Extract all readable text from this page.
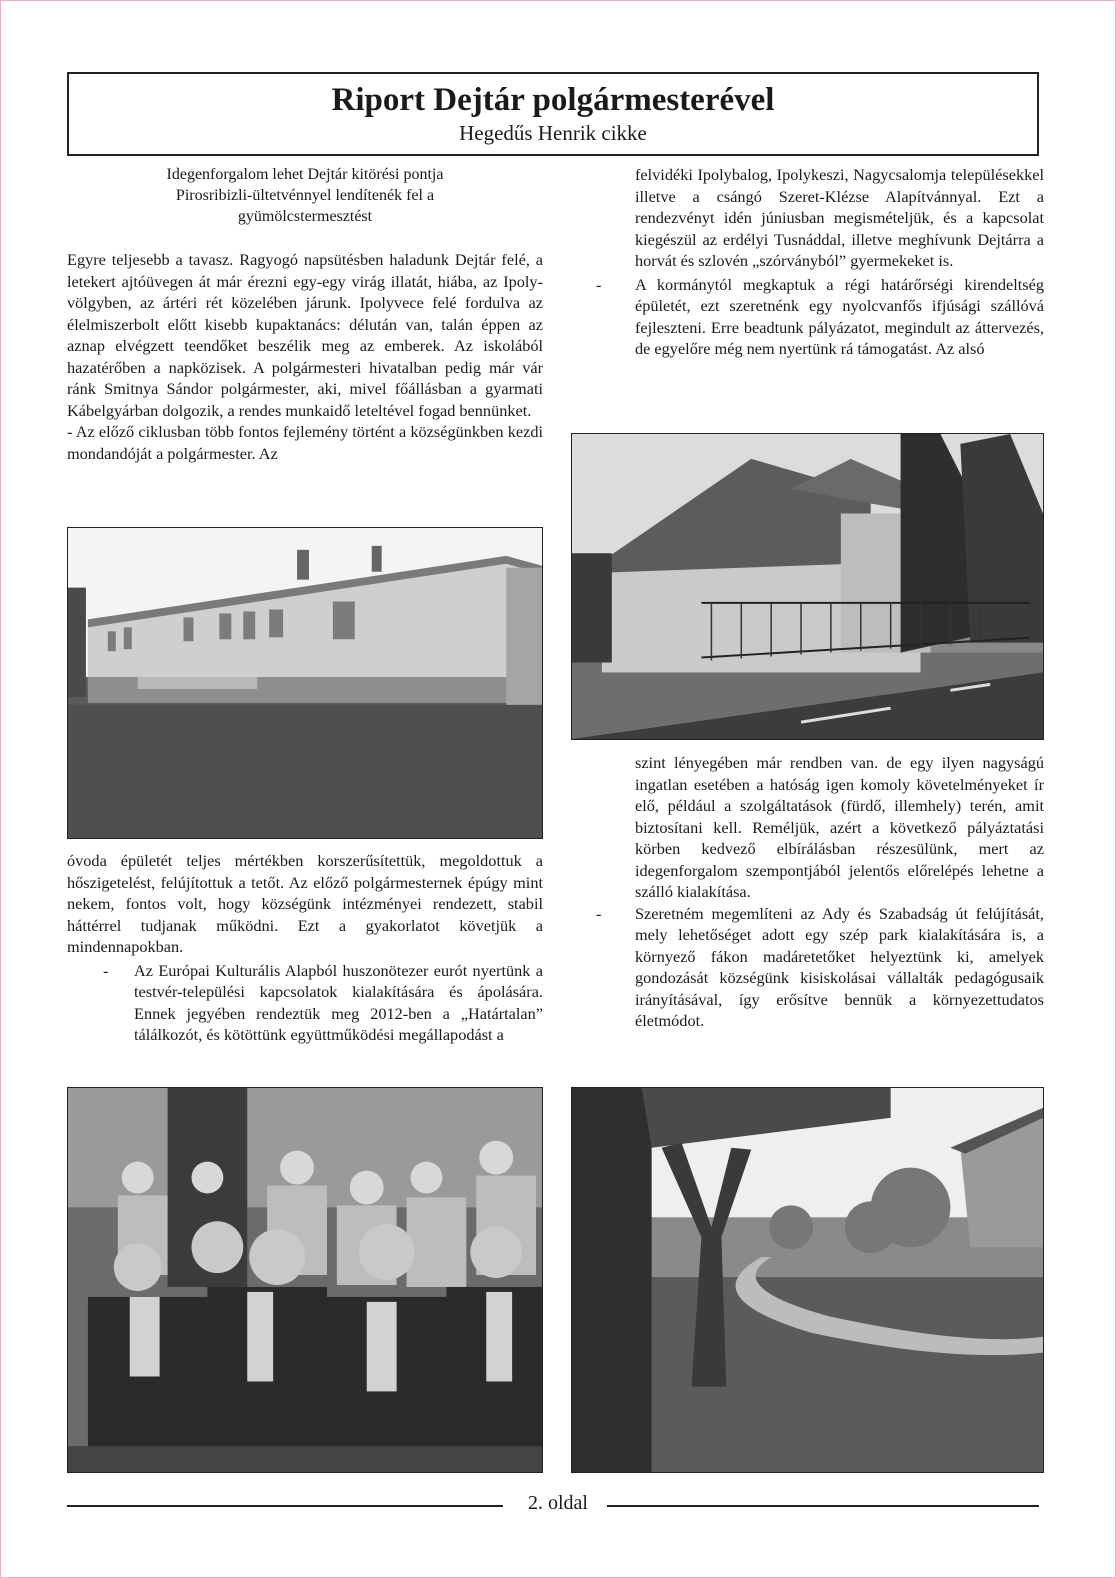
Riport Dejtár polgármesterével
Hegedűs Henrik cikke
Idegenforgalom lehet Dejtár kitörési pontja
Pirosribizli-ültetvénnyel lendítenék fel a
gyümölcstermesztést

Egyre teljesebb a tavasz. Ragyogó napsütésben haladunk Dejtár felé, a letekert ajtóüvegen át már érezni egy-egy virág illatát, hiába, az Ipoly-völgyben, az ártéri rét közelében járunk. Ipolyvece felé fordulva az élelmiszerbolt előtt kisebb kupaktanács: délután van, talán éppen az aznap elvégzett teendőket beszélik meg az emberek. Az iskolából hazatérőben a napközisek. A polgármesteri hivatalban pedig már vár ránk Smitnya Sándor polgármester, aki, mivel főállásban a gyarmati Kábelgyárban dolgozik, a rendes munkaidő leteltével fogad bennünket.

- Az előző ciklusban több fontos fejlemény történt a községünkben kezdi mondandóját a polgármester. Az

óvoda épületét teljes mértékben korszerűsítettük, megoldottuk a hőszigetelést, felújítottuk a tetőt. Az előző polgármesternek épúgy mint nekem, fontos volt, hogy községünk intézményei rendezett, stabil háttérrel tudjanak működni. Ezt a gyakorlatot követjük a mindennapokban.

- Az Európai Kulturális Alapból huszonötezer eurót nyertünk a testvér-települési kapcsolatok kialakítására és ápolására. Ennek jegyében rendeztük meg 2012-ben a „Határtalan” tálálkozót, és kötöttünk együttműködési megállapodást a

felvidéki Ipolybalog, Ipolykeszi, Nagycsalomja településekkel illetve a csángó Szeret-Klézse Alapítvánnyal. Ezt a rendezvényt idén júniusban megismételjük, és a kapcsolat kiegészül az erdélyi Tusnáddal, illetve meghívunk Dejtárra a horvát és szlovén „szórványból” gyermekeket is.

- A kormánytól megkaptuk a régi határőrségi kirendeltség épületét, ezt szeretnénk egy nyolcvanfős ifjúsági szállóvá fejleszteni. Erre beadtunk pályázatot, megindult az áttervezés, de egyelőre még nem nyertünk rá támogatást. Az alsó

szint lényegében már rendben van. de egy ilyen nagyságú ingatlan esetében a hatóság igen komoly követelményeket ír elő, például a szolgáltatások (fürdő, illemhely) terén, amit biztosítani kell. Reméljük, azért a következő pályáztatási körben kedvező elbírálásban részesülünk, mert az idegenforgalom szempontjából jelentős előrelépés lehetne a szálló kialakítása.

- Szeretném megemlíteni az Ady és Szabadság út felújítását, mely lehetőséget adott egy szép park kialakítására is, a környező fákon madáretetőket helyeztünk ki, amelyek gondozását községünk kisiskolásai vállalták pedagógusaik irányításával, így erősítve bennük a környezettudatos életmódot.

2. oldal
